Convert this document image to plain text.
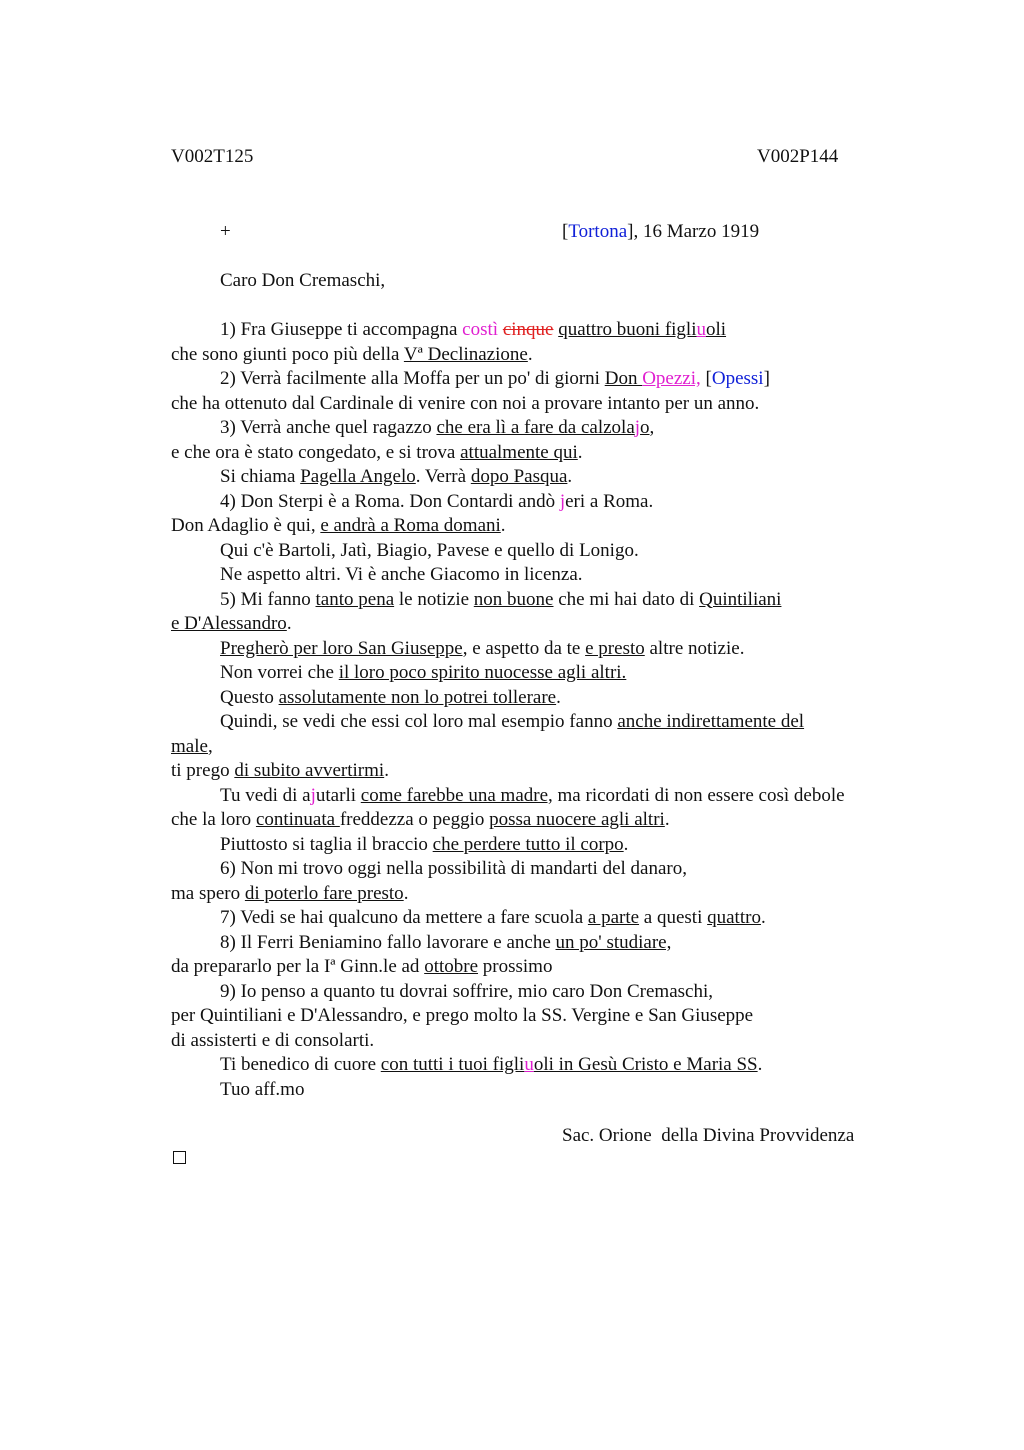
V002T125	V002P144
+	[Tortona], 16 Marzo 1919
Caro Don Cremaschi,
1) Fra Giuseppe ti accompagna costì cinque quattro buoni figliuoli
che sono giunti poco più della Vª Declinazione.
2) Verrà facilmente alla Moffa per un po' di giorni Don Opezzi, [Opessi]
che ha ottenuto dal Cardinale di venire con noi a provare intanto per un anno.
3) Verrà anche quel ragazzo che era lì a fare da calzolajo,
e che ora è stato congedato, e si trova attualmente qui.
Si chiama Pagella Angelo. Verrà dopo Pasqua.
4) Don Sterpi è a Roma. Don Contardi andò jeri a Roma.
Don Adaglio è qui, e andrà a Roma domani.
Qui c'è Bartoli, Jatì, Biagio, Pavese e quello di Lonigo.
Ne aspetto altri. Vi è anche Giacomo in licenza.
5) Mi fanno tanto pena le notizie non buone che mi hai dato di Quintiliani
e D'Alessandro.
Pregherò per loro San Giuseppe, e aspetto da te e presto altre notizie.
Non vorrei che il loro poco spirito nuocesse agli altri.
Questo assolutamente non lo potrei tollerare.
Quindi, se vedi che essi col loro mal esempio fanno anche indirettamente del
male,
ti prego di subito avvertirmi.
Tu vedi di ajutarli come farebbe una madre, ma ricordati di non essere così debole
che la loro continuata freddezza o peggio possa nuocere agli altri.
Piuttosto si taglia il braccio che perdere tutto il corpo.
6) Non mi trovo oggi nella possibilità di mandarti del danaro,
ma spero di poterlo fare presto.
7) Vedi se hai qualcuno da mettere a fare scuola a parte a questi quattro.
8) Il Ferri Beniamino fallo lavorare e anche un po' studiare,
da prepararlo per la Iª Ginn.le ad ottobre prossimo
9) Io penso a quanto tu dovrai soffrire, mio caro Don Cremaschi,
per Quintiliani e D'Alessandro, e prego molto la SS. Vergine e San Giuseppe
di assisterti e di consolarti.
Ti benedico di cuore con tutti i tuoi figliuoli in Gesù Cristo e Maria SS.
Tuo aff.mo
Sac. Orione  della Divina Provvidenza
